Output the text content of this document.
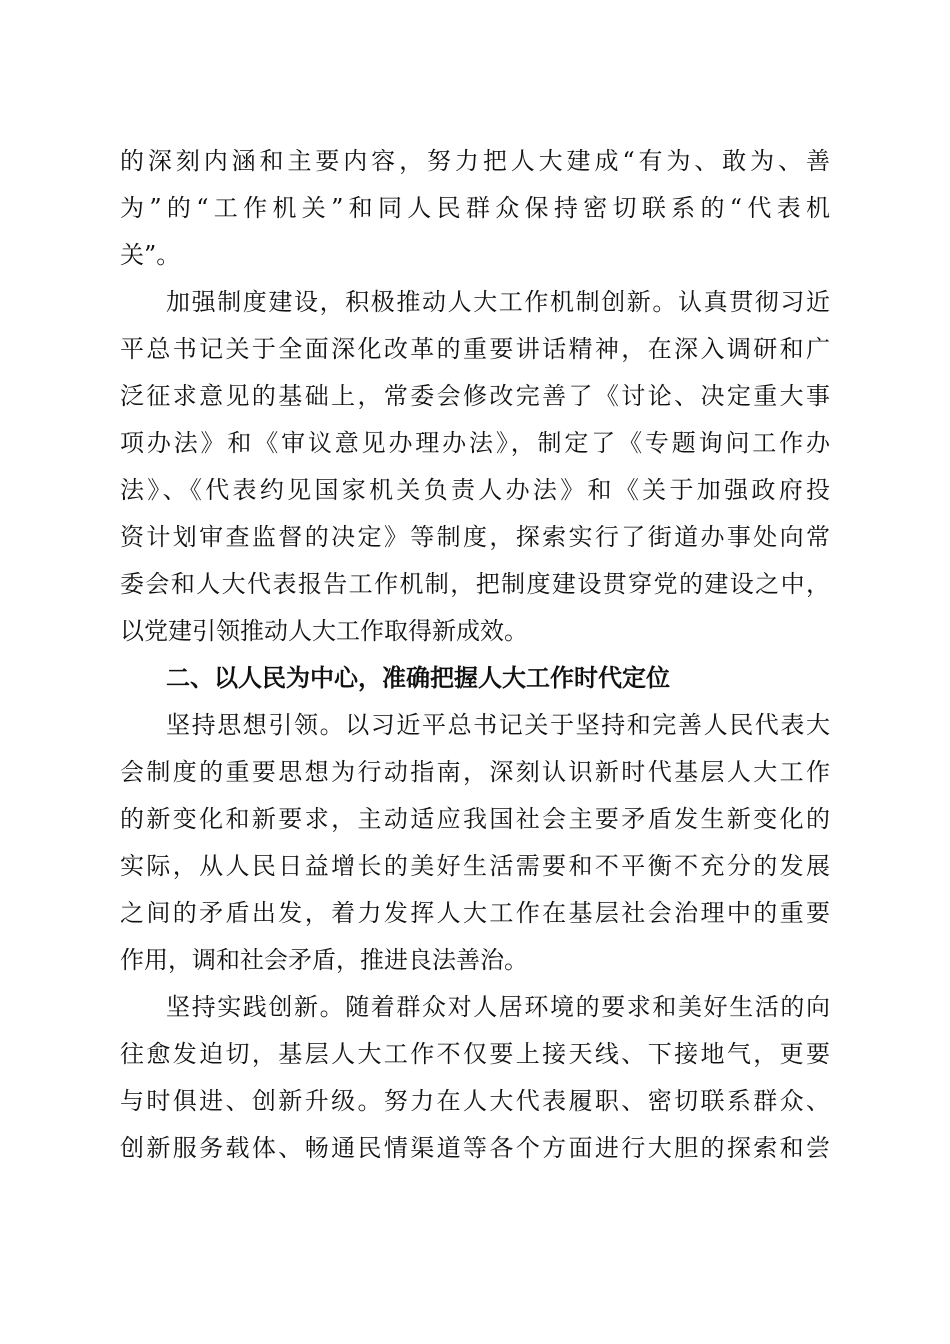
的深刻内涵和主要内容，努力把人大建成“有为、敢为、善
为”的“工作机关”和同人民群众保持密切联系的“代表机
关”。
加强制度建设，积极推动人大工作机制创新。认真贯彻习近
平总书记关于全面深化改革的重要讲话精神，在深入调研和广
泛征求意见的基础上，常委会修改完善了《讨论、决定重大事
项办法》和《审议意见办理办法》，制定了《专题询问工作办
法》、《代表约见国家机关负责人办法》和《关于加强政府投
资计划审查监督的决定》等制度，探索实行了街道办事处向常
委会和人大代表报告工作机制，把制度建设贯穿党的建设之中，
以党建引领推动人大工作取得新成效。
二、以人民为中心，准确把握人大工作时代定位
坚持思想引领。以习近平总书记关于坚持和完善人民代表大
会制度的重要思想为行动指南，深刻认识新时代基层人大工作
的新变化和新要求，主动适应我国社会主要矛盾发生新变化的
实际，从人民日益增长的美好生活需要和不平衡不充分的发展
之间的矛盾出发，着力发挥人大工作在基层社会治理中的重要
作用，调和社会矛盾，推进良法善治。
坚持实践创新。随着群众对人居环境的要求和美好生活的向
往愈发迫切，基层人大工作不仅要上接天线、下接地气，更要
与时俱进、创新升级。努力在人大代表履职、密切联系群众、
创新服务载体、畅通民情渠道等各个方面进行大胆的探索和尝
